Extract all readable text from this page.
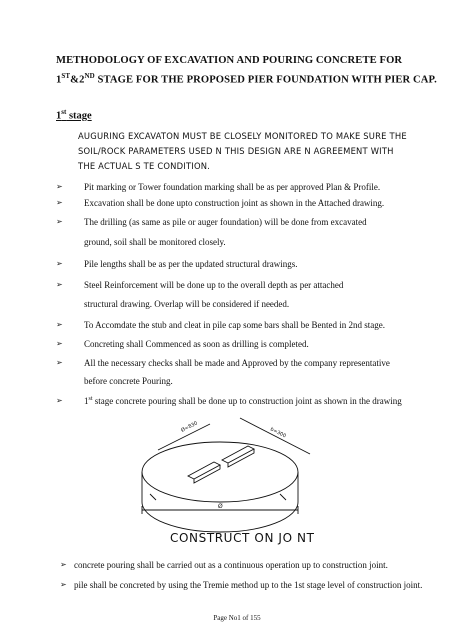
METHODOLOGY OF EXCAVATION AND POURING CONCRETE FOR
1ST&2ND STAGE FOR THE PROPOSED PIER FOUNDATION WITH PIER CAP.
1st stage
AUGURING EXCAVATON MUST BE CLOSELY MONITORED TO MAKE SURE THE
SOIL/ROCK PARAMETERS USED N THIS DESIGN ARE N AGREEMENT WITH
THE ACTUAL S TE CONDITION.
➢ Pit marking or Tower foundation marking shall be as per approved Plan & Profile.
➢ Excavation shall be done upto construction joint as shown in the Attached drawing.
➢ The drilling (as same as pile or auger foundation) will be done from excavated
ground, soil shall be monitored closely.
➢ Pile lengths shall be as per the updated structural drawings.
➢ Steel Reinforcement will be done up to the overall depth as per attached
structural drawing. Overlap will be considered if needed.
➢ To Accomdate the stub and cleat in pile cap some bars shall be Bented in 2nd stage.
➢ Concreting shall Commenced as soon as drilling is completed.
➢ All the necessary checks shall be made and Approved by the company representative
before concrete Pouring.
➢ 1st stage concrete pouring shall be done up to construction joint as shown in the drawing
Ø=830	b=300
Ø
CONSTRUCT ON JO NT
➢ concrete pouring shall be carried out as a continuous operation up to construction joint.
➢ pile shall be concreted by using the Tremie method up to the 1st stage level of construction joint.
Page No1 of 155
